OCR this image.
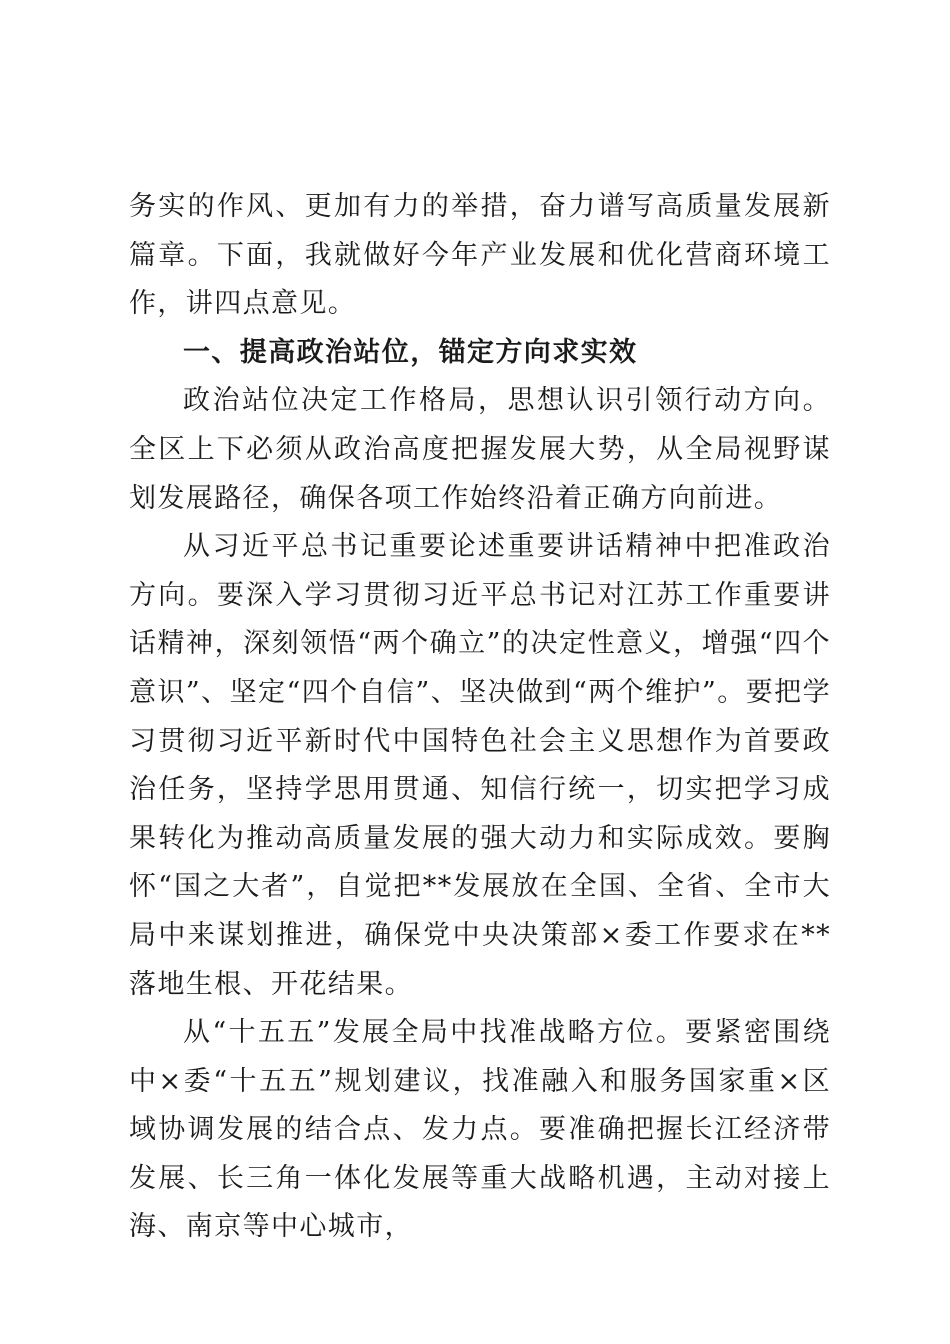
务实的作风、更加有力的举措，奋力谱写高质量发展新篇章。下面，我就做好今年产业发展和优化营商环境工作，讲四点意见。

一、提高政治站位，锚定方向求实效

政治站位决定工作格局，思想认识引领行动方向。全区上下必须从政治高度把握发展大势，从全局视野谋划发展路径，确保各项工作始终沿着正确方向前进。

从习近平总书记重要论述重要讲话精神中把准政治方向。要深入学习贯彻习近平总书记对江苏工作重要讲话精神，深刻领悟“两个确立”的决定性意义，增强“四个意识”、坚定“四个自信”、坚决做到“两个维护”。要把学习贯彻习近平新时代中国特色社会主义思想作为首要政治任务，坚持学思用贯通、知信行统一，切实把学习成果转化为推动高质量发展的强大动力和实际成效。要胸怀“国之大者”，自觉把**发展放在全国、全省、全市大局中来谋划推进，确保党中央决策部×委工作要求在**落地生根、开花结果。

从“十五五”发展全局中找准战略方位。要紧密围绕中×委“十五五”规划建议，找准融入和服务国家重×区域协调发展的结合点、发力点。要准确把握长江经济带发展、长三角一体化发展等重大战略机遇，主动对接上海、南京等中心城市，
